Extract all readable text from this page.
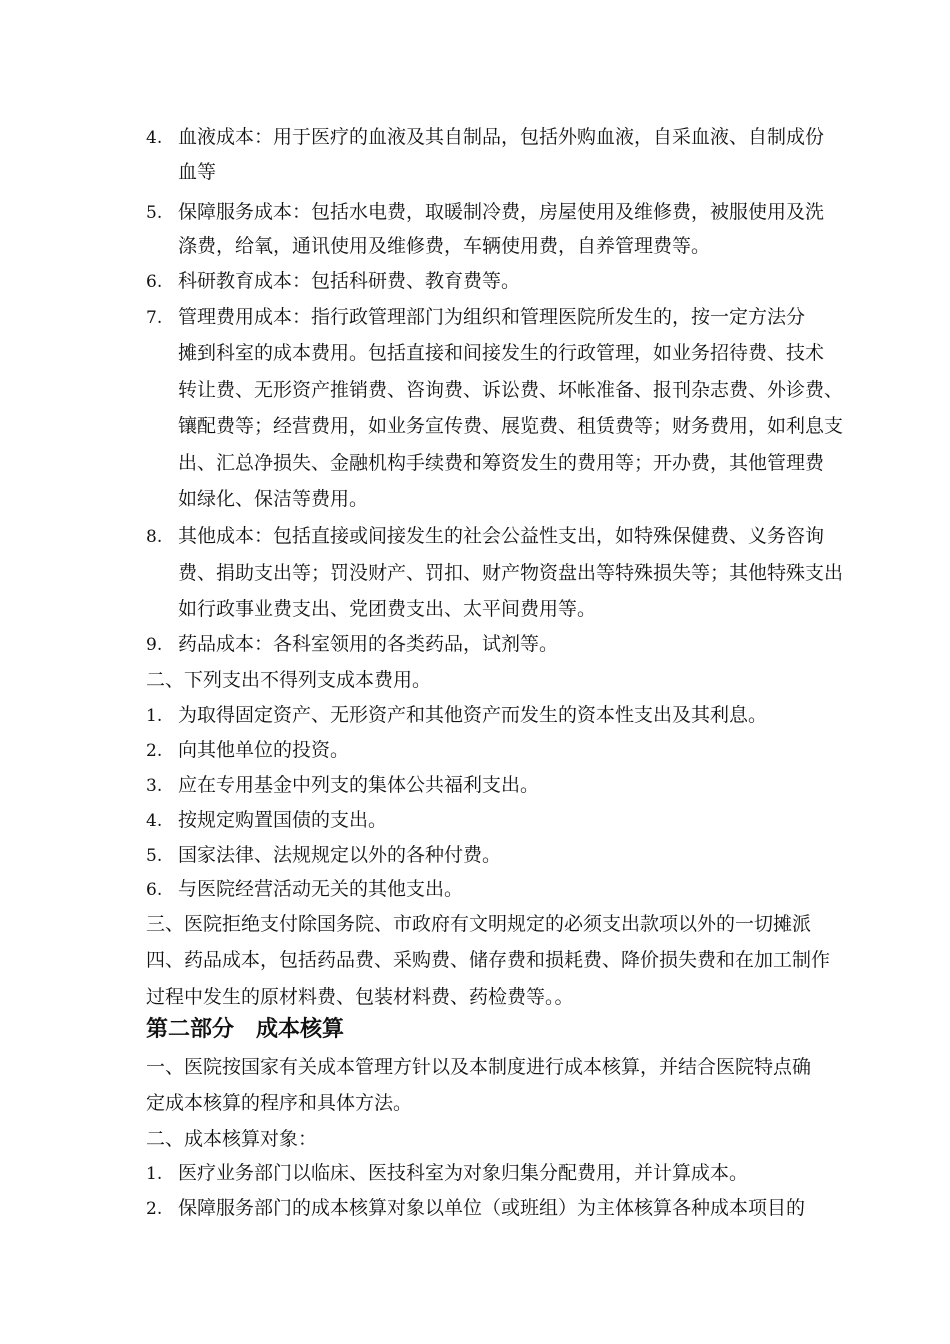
4. 血液成本：用于医疗的血液及其自制品，包括外购血液，自采血液、自制成份
血等
5. 保障服务成本：包括水电费，取暖制冷费，房屋使用及维修费，被服使用及洗
涤费，给氧，通讯使用及维修费，车辆使用费，自养管理费等。
6. 科研教育成本：包括科研费、教育费等。
7. 管理费用成本：指行政管理部门为组织和管理医院所发生的，按一定方法分
摊到科室的成本费用。包括直接和间接发生的行政管理，如业务招待费、技术
转让费、无形资产推销费、咨询费、诉讼费、坏帐准备、报刊杂志费、外诊费、
镶配费等；经营费用，如业务宣传费、展览费、租赁费等；财务费用，如利息支
出、汇总净损失、金融机构手续费和筹资发生的费用等；开办费，其他管理费
如绿化、保洁等费用。
8. 其他成本：包括直接或间接发生的社会公益性支出，如特殊保健费、义务咨询
费、捐助支出等；罚没财产、罚扣、财产物资盘出等特殊损失等；其他特殊支出
如行政事业费支出、党团费支出、太平间费用等。
9. 药品成本：各科室领用的各类药品，试剂等。
二、下列支出不得列支成本费用。
1. 为取得固定资产、无形资产和其他资产而发生的资本性支出及其利息。
2. 向其他单位的投资。
3. 应在专用基金中列支的集体公共福利支出。
4. 按规定购置国债的支出。
5. 国家法律、法规规定以外的各种付费。
6. 与医院经营活动无关的其他支出。
三、医院拒绝支付除国务院、市政府有文明规定的必须支出款项以外的一切摊派
四、药品成本，包括药品费、采购费、储存费和损耗费、降价损失费和在加工制作
过程中发生的原材料费、包装材料费、药检费等。。
第二部分　成本核算
一、医院按国家有关成本管理方针以及本制度进行成本核算，并结合医院特点确
定成本核算的程序和具体方法。
二、成本核算对象：
1. 医疗业务部门以临床、医技科室为对象归集分配费用，并计算成本。
2. 保障服务部门的成本核算对象以单位（或班组）为主体核算各种成本项目的
